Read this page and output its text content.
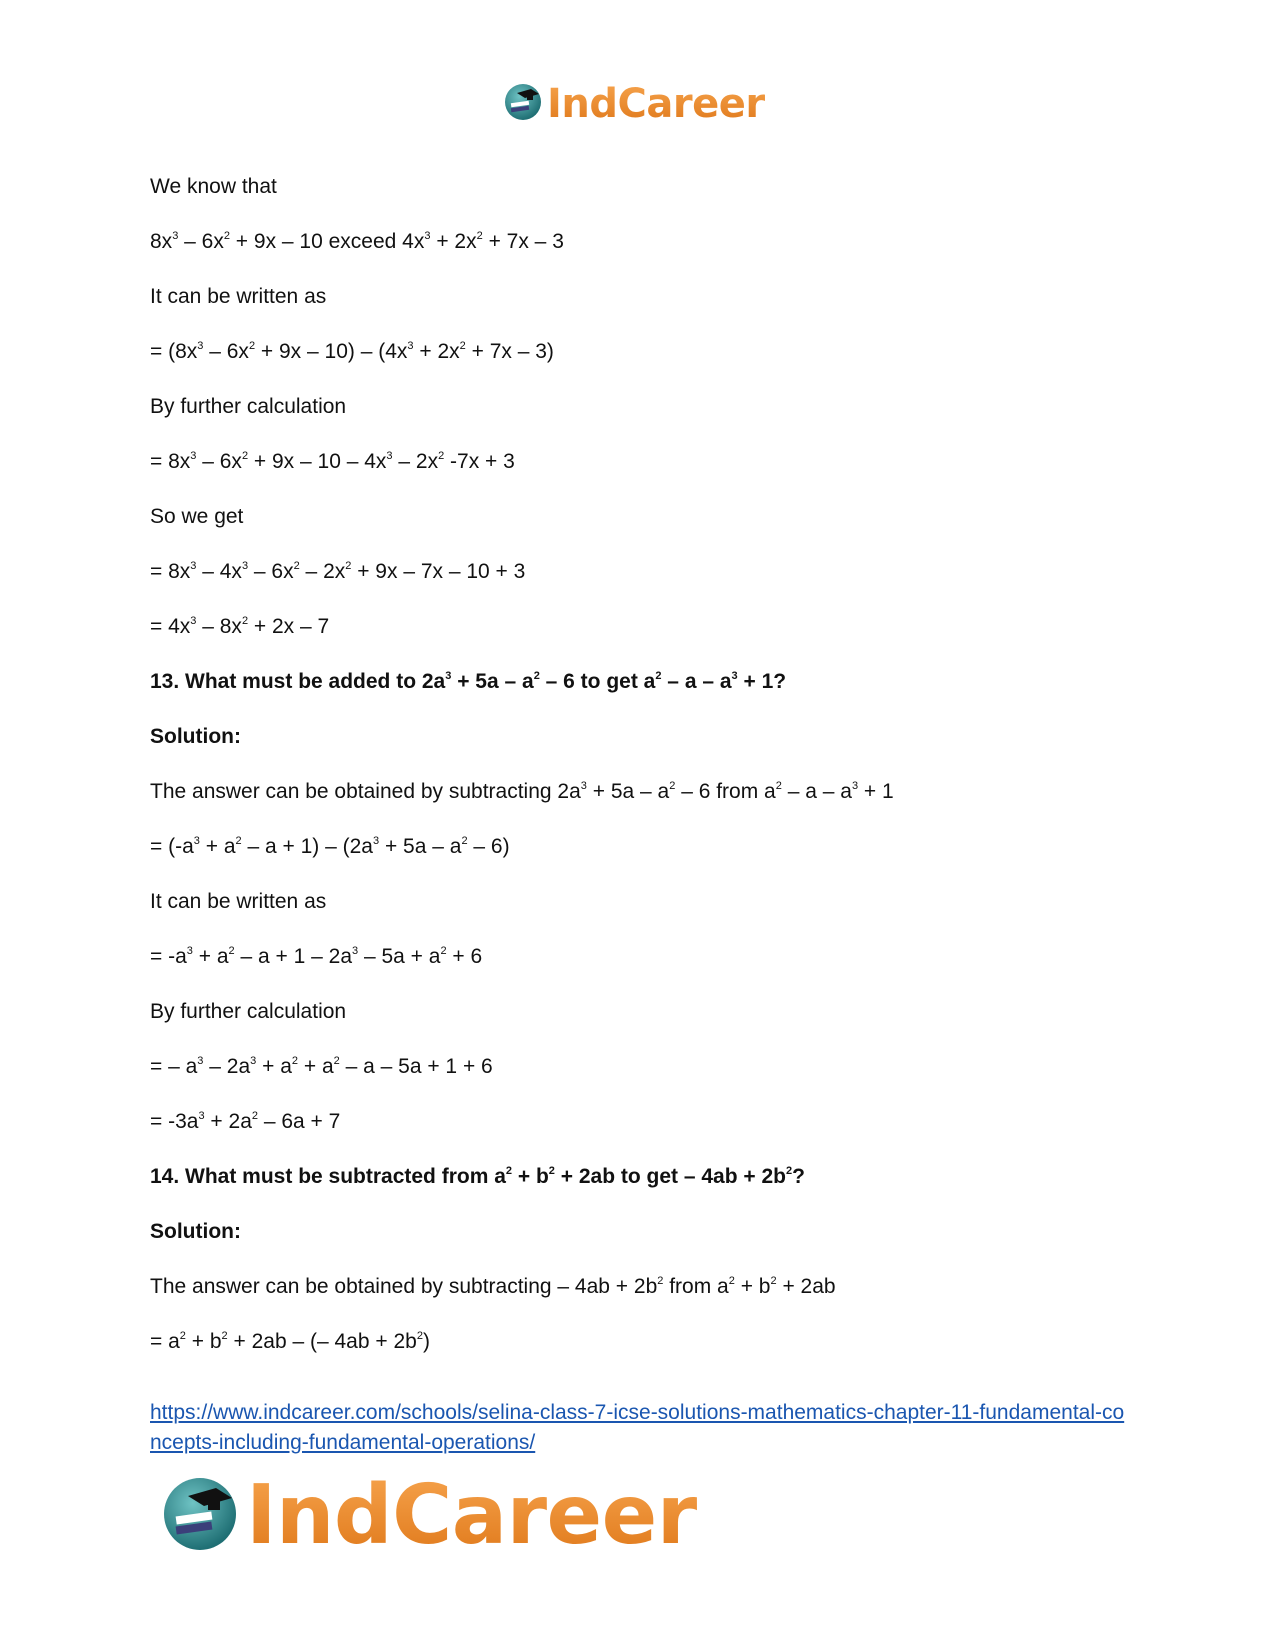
IndCareer
We know that
$8x^3 - 6x^2 + 9x - 10$ exceed $4x^3 + 2x^2 + 7x - 3$
It can be written as
= $(8x^3 - 6x^2 + 9x - 10) - (4x^3 + 2x^2 + 7x - 3)$
By further calculation
= $8x^3 - 6x^2 + 9x - 10 - 4x^3 - 2x^2$ -7x + 3
So we get
= $8x^3 - 4x^3 - 6x^2 - 2x^2 + 9x - 7x - 10 + 3$
= $4x^3 - 8x^2 + 2x - 7$
13. What must be added to $2a^3 + 5a - a^2 - 6$ to get $a^2 - a - a^3 + 1$?
Solution:
The answer can be obtained by subtracting $2a^3 + 5a - a^2 - 6$ from $a^2 - a - a^3 + 1$
= $(-a^3 + a^2 - a + 1) - (2a^3 + 5a - a^2 - 6)$
It can be written as
= $-a^3 + a^2 - a + 1 - 2a^3 - 5a + a^2 + 6$
By further calculation
= – $a^3 - 2a^3 + a^2 + a^2 - a - 5a + 1 + 6$
= $-3a^3 + 2a^2 - 6a + 7$
14. What must be subtracted from $a^2 + b^2 + 2ab$ to get – $4ab + 2b^2$?
Solution:
The answer can be obtained by subtracting – $4ab + 2b^2$ from $a^2 + b^2 + 2ab$
= $a^2 + b^2 + 2ab$ – (– $4ab + 2b^2$)
https://www.indcareer.com/schools/selina-class-7-icse-solutions-mathematics-chapter-11-fundamental-concepts-including-fundamental-operations/
IndCareer
